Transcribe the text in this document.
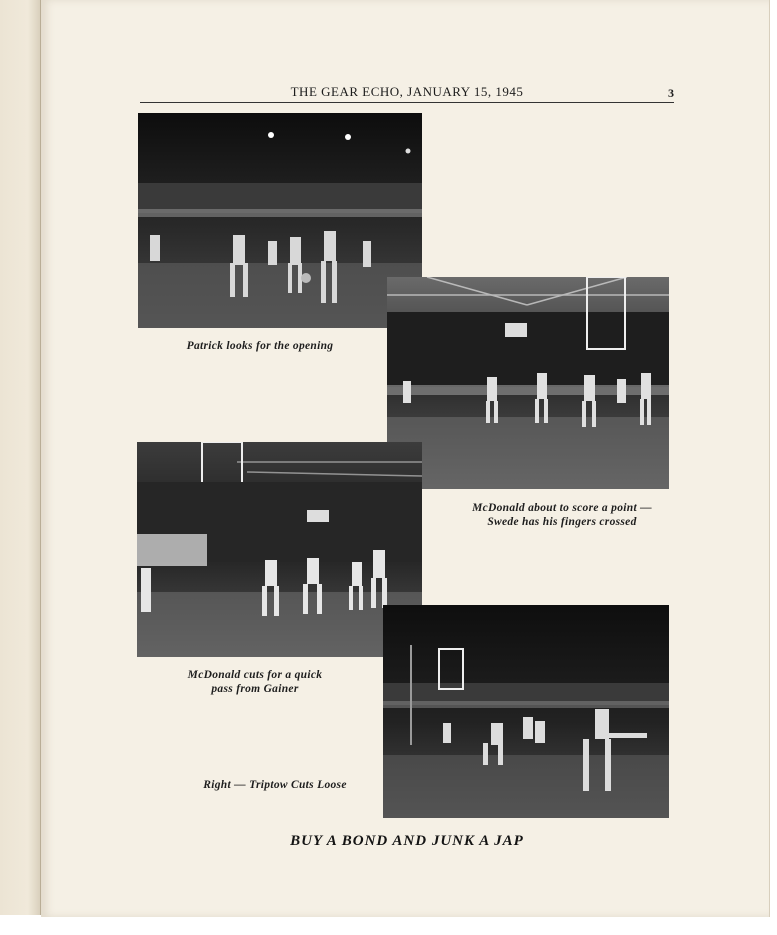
THE GEAR ECHO, JANUARY 15, 1945	3
Patrick looks for the opening
McDonald about to score a point —
Swede has his fingers crossed
McDonald cuts for a quick
pass from Gainer
Right — Triptow Cuts Loose
BUY A BOND AND JUNK A JAP
